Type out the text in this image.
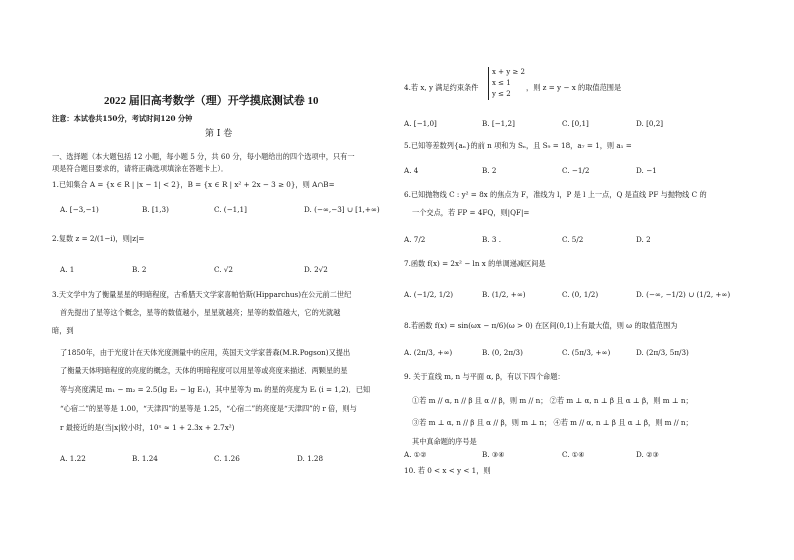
2022 届旧高考数学（理）开学摸底测试卷 10
注意：本试卷共150分，考试时间120 分钟
第 I 卷
一、选择题（本大题包括 12 小题，每小题 5 分，共 60 分，每小题给出的四个选项中，只有一
项是符合题目要求的，请将正确选项填涂在答题卡上）．
1.已知集合 A = {x ∈ R | |x − 1| < 2}，B = {x ∈ R | x² + 2x − 3 ≥ 0}，则 A∩B=
A. [−3,−1)	B. [1,3)	C. (−1,1]	D. (−∞,−3] ∪ [1,+∞)
2.复数 z = 2/(1−i)，则|z|=
A. 1	B. 2	C. √2	D. 2√2
3.天文学中为了衡量星星的明暗程度，古希腊天文学家喜帕恰斯(Hipparchus)在公元前二世纪
首先提出了星等这个概念，星等的数值越小，星星就越亮；星等的数值越大，它的光就越
暗，到
了1850年，由于光度计在天体光度测量中的应用，英国天文学家普森(M.R.Pogson)又提出
了衡量天体明暗程度的亮度的概念，天体的明暗程度可以用星等或亮度来描述．两颗星的星
等与亮度满足 m₁ − m₂ = 2.5(lg E₂ − lg E₁)，其中星等为 mᵢ 的星的亮度为 Eᵢ (i = 1,2)．已知
“心宿二”的星等是 1.00，“天津四”的星等是 1.25，“心宿二”的亮度是“天津四”的 r 倍，则与
r 最接近的是(当|x|较小时，10ˣ ≈ 1 + 2.3x + 2.7x²)
A. 1.22	B. 1.24	C. 1.26	D. 1.28
4.若 x, y 满足约束条件
x + y ≥ 2
x ≤ 1
y ≤ 2
，则 z = y − x 的取值范围是
A. [−1,0]	B. [−1,2]	C. [0,1]	D. [0,2]
5.已知等差数列{aₙ}的前 n 项和为 Sₙ，且 S₉ = 18，a₇ = 1，则 a₁ =
A. 4	B. 2	C. −1/2	D. −1
6.已知抛物线 C : y² = 8x 的焦点为 F，准线为 l，P 是 l 上一点，Q 是直线 PF 与抛物线 C 的
一个交点，若 FP = 4FQ，则|QF|=
A. 7/2	B. 3 .	C. 5/2	D. 2
7.函数 f(x) = 2x² − ln x 的单调递减区间是
A. (−1/2, 1/2)	B. (1/2, +∞)	C. (0, 1/2)	D. (−∞, −1/2) ∪ (1/2, +∞)
8.若函数 f(x) = sin(ωx − π/6)(ω > 0) 在区间(0,1)上有最大值，则 ω 的取值范围为
A. (2π/3, +∞)	B. (0, 2π/3)	C. (5π/3, +∞)	D. (2π/3, 5π/3)
9. 关于直线 m, n 与平面 α, β，有以下四个命题：
①若 m // α, n // β 且 α // β，则 m // n； ②若 m ⊥ α, n ⊥ β 且 α ⊥ β，则 m ⊥ n；
③若 m ⊥ α, n // β 且 α // β，则 m ⊥ n； ④若 m // α, n ⊥ β 且 α ⊥ β，则 m // n；
其中真命题的序号是
A. ①②	B. ③④	C. ①④	D. ②③
10. 若 0 < x < y < 1，则
